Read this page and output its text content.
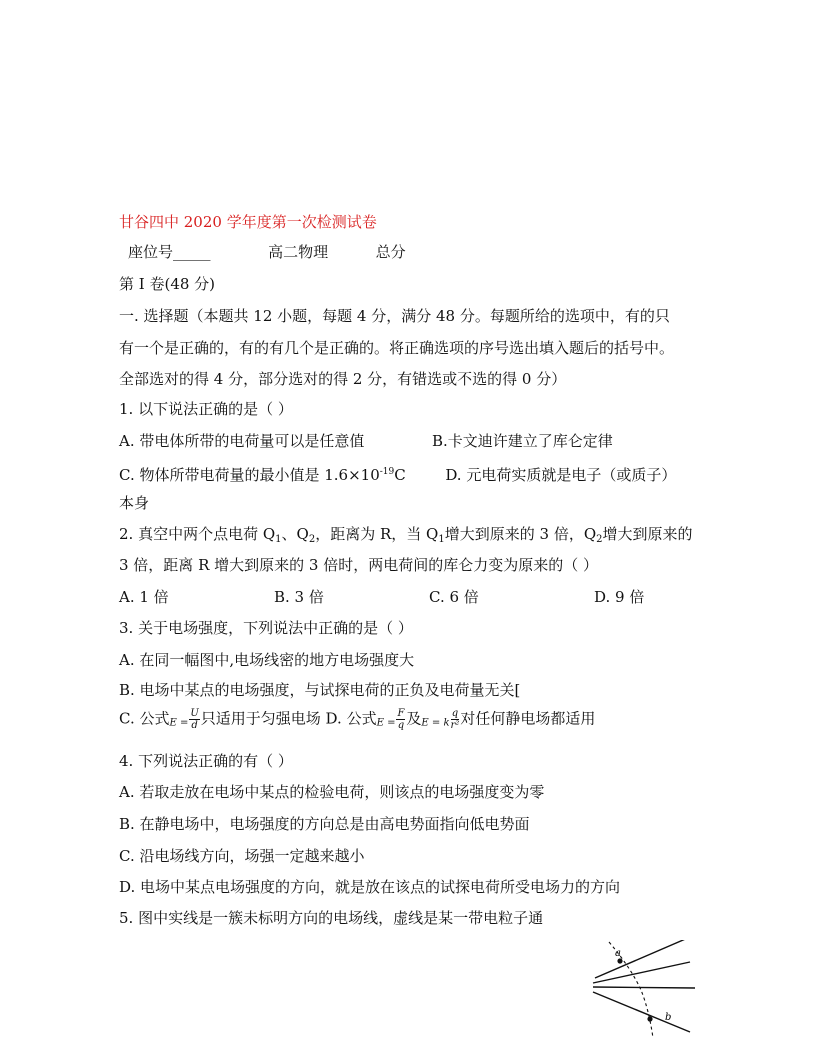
甘谷四中 2020 学年度第一次检测试卷
座位号_____	高二物理	总分
第 I 卷(48 分)
一. 选择题（本题共 12 小题，每题 4 分，满分 48 分。每题所给的选项中，有的只
有一个是正确的，有的有几个是正确的。将正确选项的序号选出填入题后的括号中。
全部选对的得 4 分，部分选对的得 2 分，有错选或不选的得 0 分）
1. 以下说法正确的是（ ）
A. 带电体所带的电荷量可以是任意值	B.卡文迪许建立了库仑定律
C. 物体所带电荷量的最小值是 $1.6\times 10^{-19}C$	D. 元电荷实质就是电子（或质子）
本身
2. 真空中两个点电荷 $Q_1$、$Q_2$，距离为 R，当 $Q_1$增大到原来的 3 倍，$Q_2$增大到原来的
3 倍，距离 R 增大到原来的 3 倍时，两电荷间的库仑力变为原来的（ ）
A. 1 倍	B. 3 倍	C. 6 倍	D. 9 倍
3. 关于电场强度，下列说法中正确的是（ ）
A. 在同一幅图中,电场线密的地方电场强度大
B. 电场中某点的电场强度，与试探电荷的正负及电荷量无关[
C. 公式$E = \frac{U}{d}$ 只适用于匀强电场 D. 公式$E = \frac{F}{q}$ 及E = k $\frac{q}{\text{r²}}$ 对任何静电场都适用
4. 下列说法正确的有（ ）
A. 若取走放在电场中某点的检验电荷，则该点的电场强度变为零
B. 在静电场中，电场强度的方向总是由高电势面指向低电势面
C. 沿电场线方向，场强一定越来越小
D. 电场中某点电场强度的方向，就是放在该点的试探电荷所受电场力的方向
5. 图中实线是一簇未标明方向的电场线，虚线是某一带电粒子通
a
b
